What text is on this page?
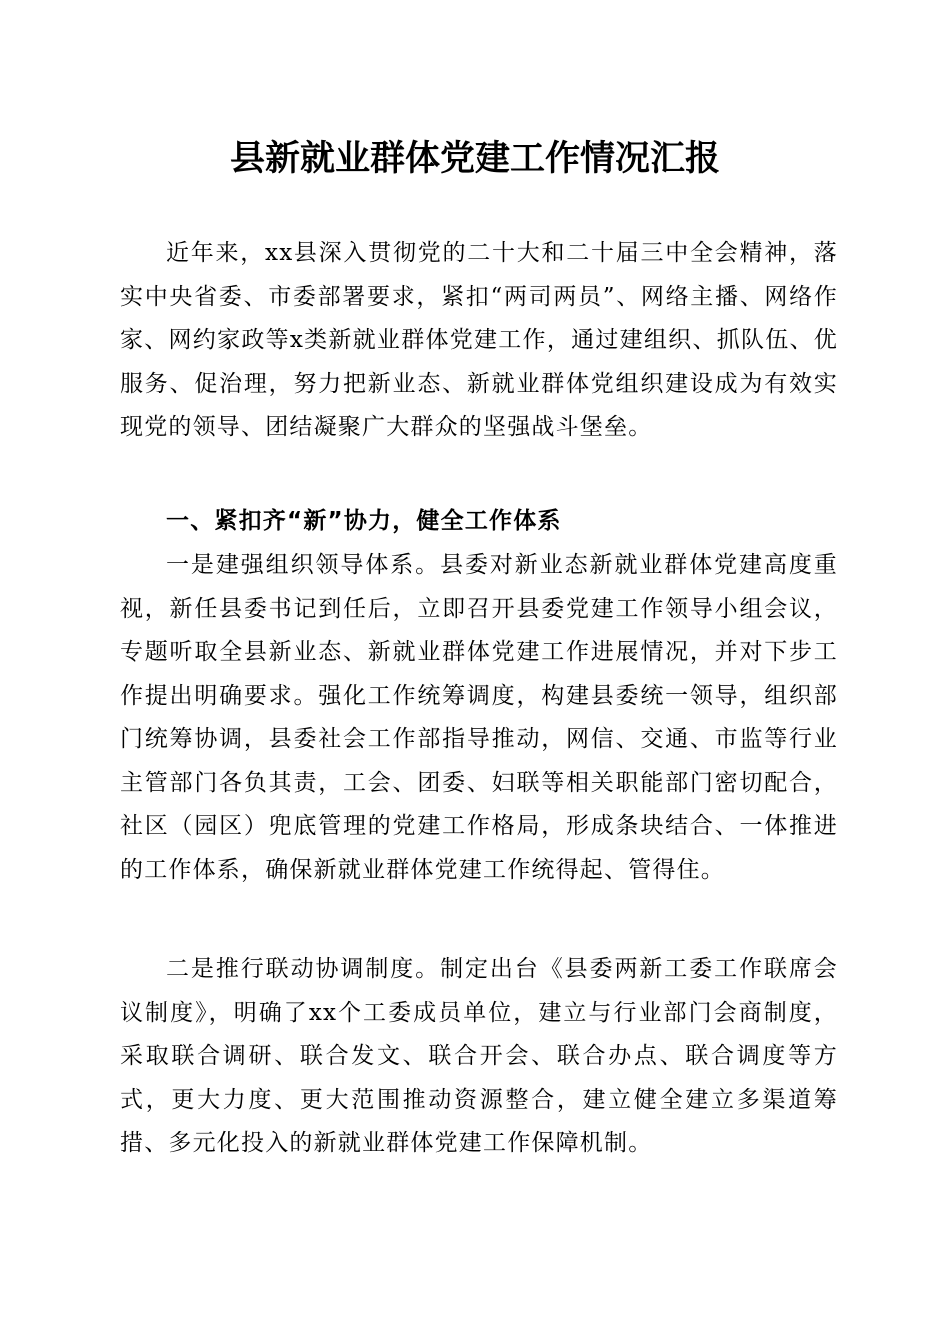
县新就业群体党建工作情况汇报

近年来，xx县深入贯彻党的二十大和二十届三中全会精神，落实中央省委、市委部署要求，紧扣“两司两员”、网络主播、网络作家、网约家政等x类新就业群体党建工作，通过建组织、抓队伍、优服务、促治理，努力把新业态、新就业群体党组织建设成为有效实现党的领导、团结凝聚广大群众的坚强战斗堡垒。

一、紧扣齐“新”协力，健全工作体系

一是建强组织领导体系。县委对新业态新就业群体党建高度重视，新任县委书记到任后，立即召开县委党建工作领导小组会议，专题听取全县新业态、新就业群体党建工作进展情况，并对下步工作提出明确要求。强化工作统筹调度，构建县委统一领导，组织部门统筹协调，县委社会工作部指导推动，网信、交通、市监等行业主管部门各负其责，工会、团委、妇联等相关职能部门密切配合，社区（园区）兜底管理的党建工作格局，形成条块结合、一体推进的工作体系，确保新就业群体党建工作统得起、管得住。

二是推行联动协调制度。制定出台《县委两新工委工作联席会议制度》，明确了xx个工委成员单位，建立与行业部门会商制度，采取联合调研、联合发文、联合开会、联合办点、联合调度等方式，更大力度、更大范围推动资源整合，建立健全建立多渠道筹措、多元化投入的新就业群体党建工作保障机制。
